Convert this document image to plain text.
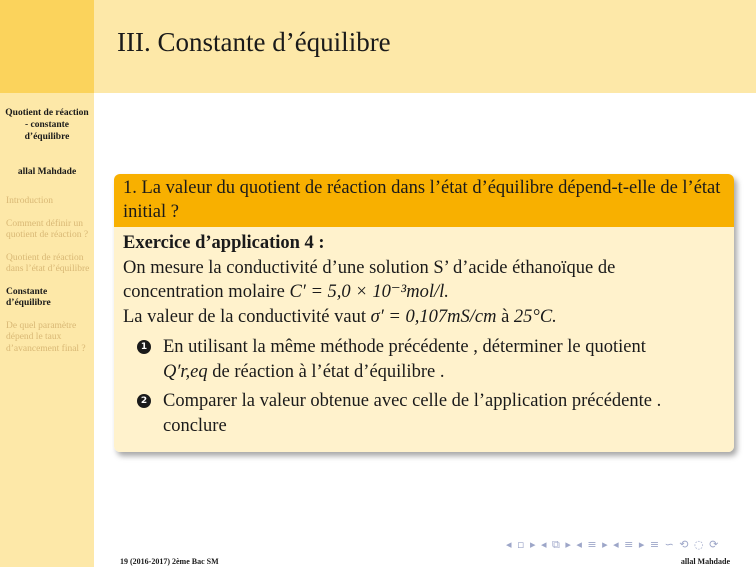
III. Constante d’équilibre
Quotient de réaction - constante d’équilibre
allal Mahdade
Introduction
Comment définir un quotient de réaction ?
Quotient de réaction dans l’état d’équilibre
Constante d’équilibre
De quel paramètre dépend le taux d’avancement final ?
1. La valeur du quotient de réaction dans l’état d’équilibre dépend-t-elle de l’état initial ?
Exercice d’application 4 :
On mesure la conductivité d’une solution S’ d’acide éthanoïque de
concentration molaire C′ = 5,0 × 10⁻³mol/l.
La valeur de la conductivité vaut σ′ = 0,107mS/cm à 25°C.
1 En utilisant la même méthode précédente , déterminer le quotient
Q′r,eq de réaction à l’état d’équilibre .
2 Comparer la valeur obtenue avec celle de l’application précédente .
conclure
◂ ▫ ▸ ◂ ⧉ ▸ ◂ ≡ ▸ ◂ ≡ ▸ ≡ ∽ ⟲ ◌ ⟳
19 (2016-2017) 2ème Bac SM	allal Mahdade
